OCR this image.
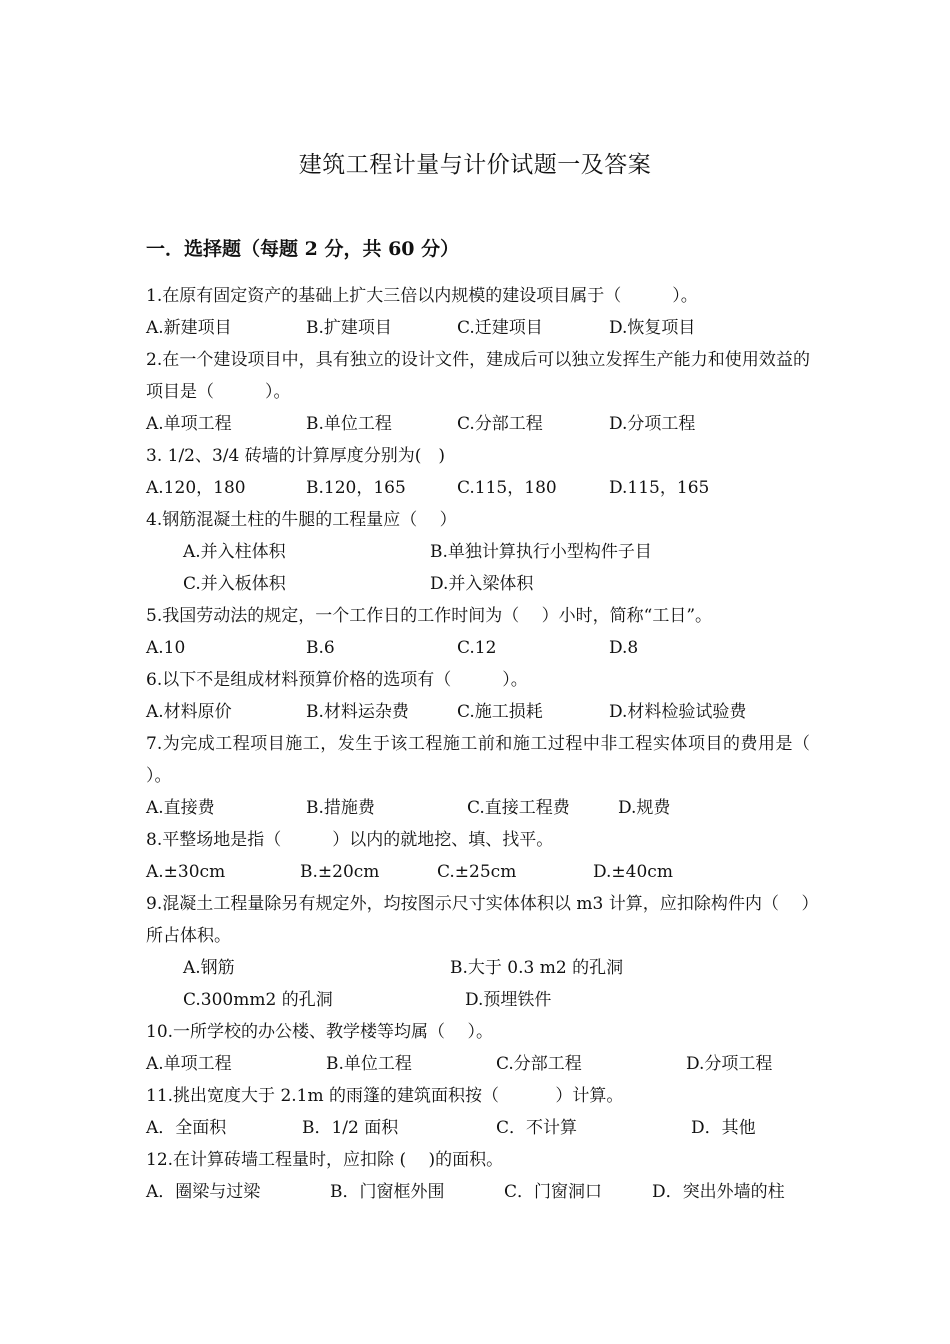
建筑工程计量与计价试题一及答案
一．选择题（每题 2 分，共 60 分）
1.在原有固定资产的基础上扩大三倍以内规模的建设项目属于（　　　）。
A.新建项目	B.扩建项目	C.迁建项目	D.恢复项目
2.在一个建设项目中，具有独立的设计文件，建成后可以独立发挥生产能力和使用效益的项目是（　　　）。
A.单项工程	B.单位工程	C.分部工程	D.分项工程
3. 1/2、3/4 砖墙的计算厚度分别为(　)
A.120，180	B.120，165	C.115，180	D.115，165
4.钢筋混凝土柱的牛腿的工程量应（　 ）
A.并入柱体积	B.单独计算执行小型构件子目
C.并入板体积	D.并入梁体积
5.我国劳动法的规定，一个工作日的工作时间为（　 ）小时，简称“工日”。
A.10	B.6	C.12	D.8
6.以下不是组成材料预算价格的选项有（　　　）。
A.材料原价	B.材料运杂费	C.施工损耗	D.材料检验试验费
7.为完成工程项目施工，发生于该工程施工前和施工过程中非工程实体项目的费用是（　　　）。
A.直接费	B.措施费	C.直接工程费	D.规费
8.平整场地是指（　　　）以内的就地挖、填、找平。
A.±30cm	B.±20cm	C.±25cm	D.±40cm
9.混凝土工程量除另有规定外，均按图示尺寸实体体积以 m3 计算，应扣除构件内（　 ）所占体积。
A.钢筋	B.大于 0.3 m2 的孔洞
C.300mm2 的孔洞	D.预埋铁件
10.一所学校的办公楼、教学楼等均属（　 ）。
A.单项工程	B.单位工程	C.分部工程	D.分项工程
11.挑出宽度大于 2.1m 的雨篷的建筑面积按（　　　 ）计算。
A．全面积	B．1/2 面积	C．不计算	D．其他
12.在计算砖墙工程量时，应扣除 (　 )的面积。
A．圈梁与过梁	B．门窗框外围	C．门窗洞口	D．突出外墙的柱
